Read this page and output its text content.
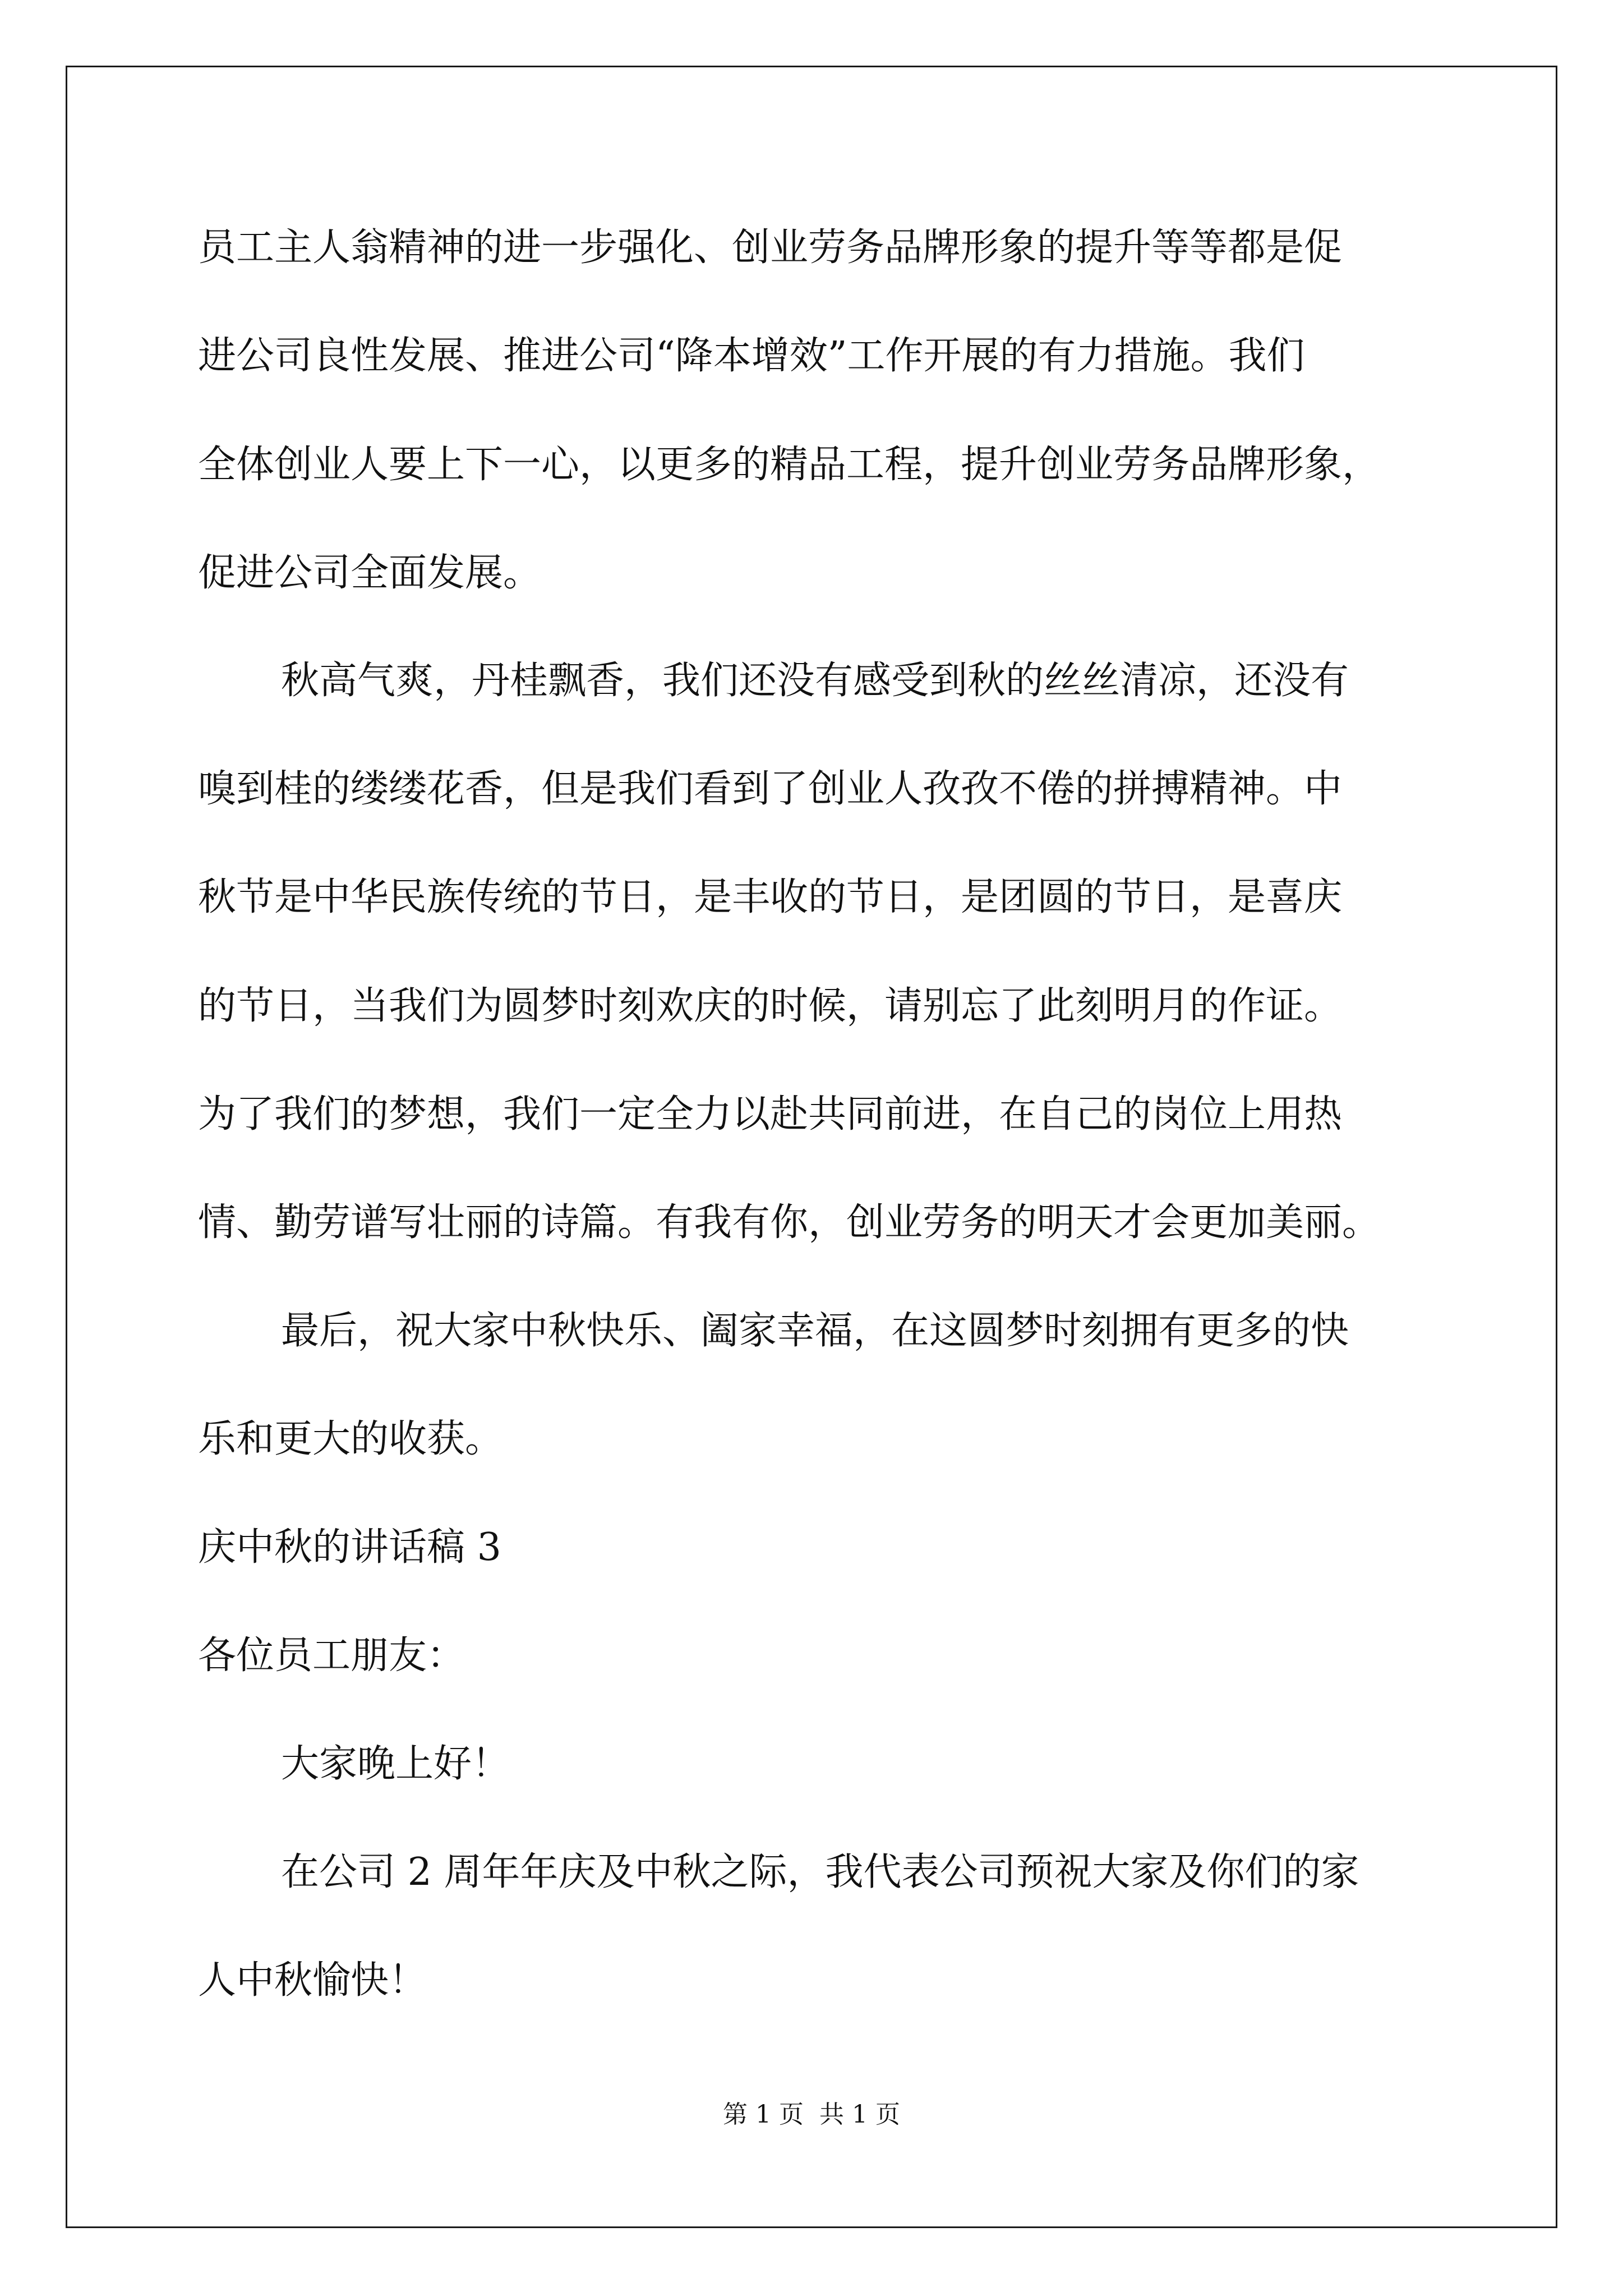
员工主人翁精神的进一步强化、创业劳务品牌形象的提升等等都是促
进公司良性发展、推进公司“降本增效”工作开展的有力措施。我们
全体创业人要上下一心，以更多的精品工程，提升创业劳务品牌形象，
促进公司全面发展。
秋高气爽，丹桂飘香，我们还没有感受到秋的丝丝清凉，还没有
嗅到桂的缕缕花香，但是我们看到了创业人孜孜不倦的拼搏精神。中
秋节是中华民族传统的节日，是丰收的节日，是团圆的节日，是喜庆
的节日，当我们为圆梦时刻欢庆的时候，请别忘了此刻明月的作证。
为了我们的梦想，我们一定全力以赴共同前进，在自己的岗位上用热
情、勤劳谱写壮丽的诗篇。有我有你，创业劳务的明天才会更加美丽。
最后，祝大家中秋快乐、阖家幸福，在这圆梦时刻拥有更多的快
乐和更大的收获。
庆中秋的讲话稿 3
各位员工朋友：
大家晚上好！
在公司 2 周年年庆及中秋之际，我代表公司预祝大家及你们的家
人中秋愉快！
第 1 页 共 1 页
